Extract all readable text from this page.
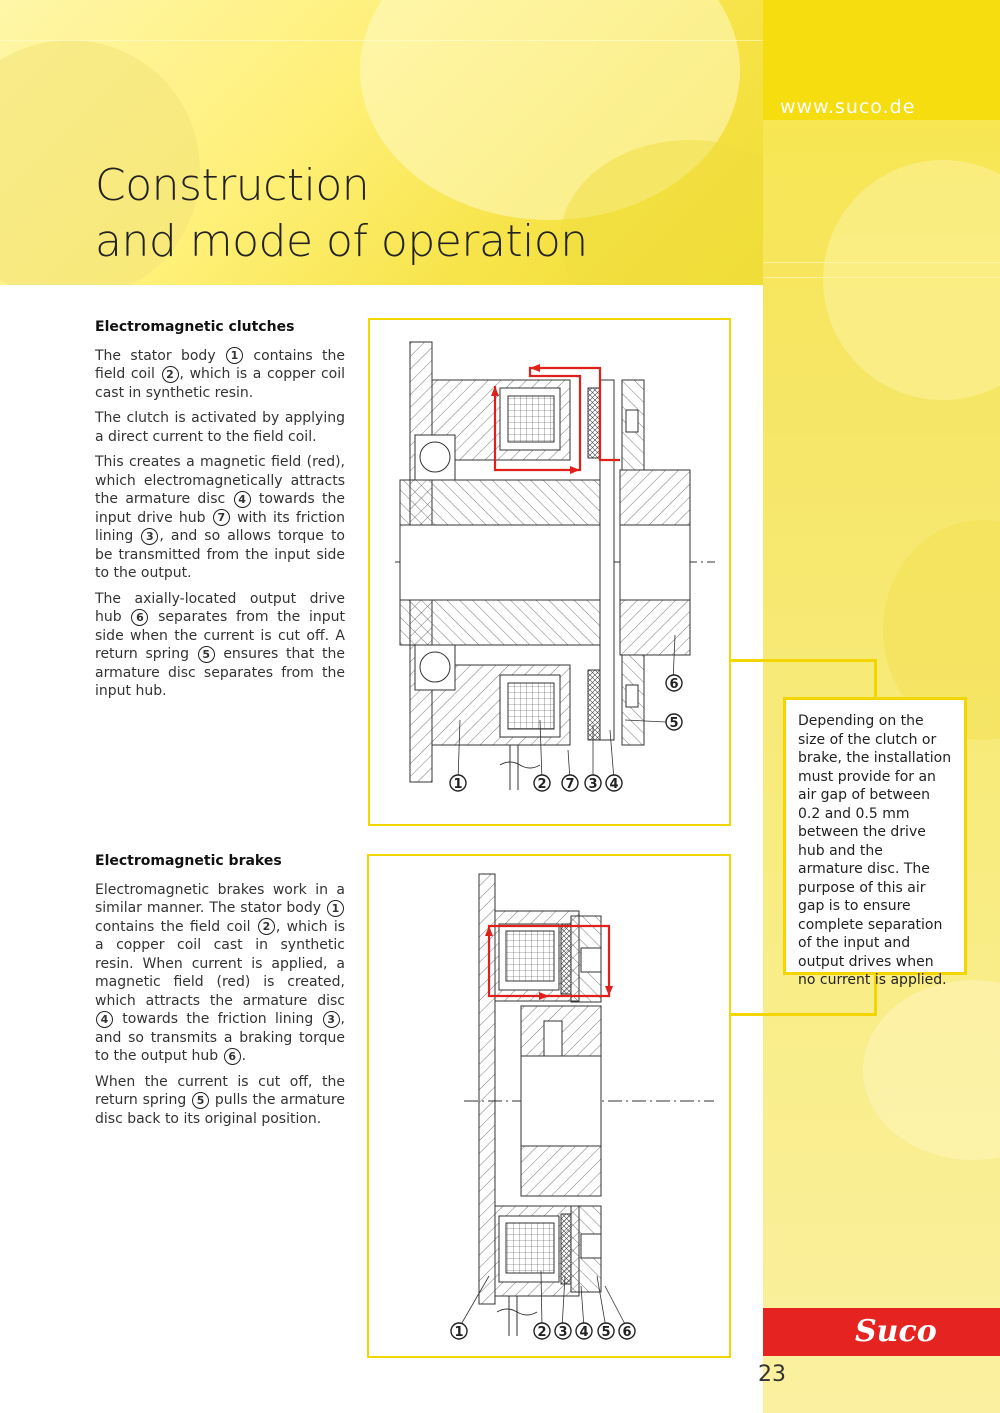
www.suco.de
Construction
and mode of operation
Electromagnetic clutches

The stator body 1 contains the field coil 2 , which is a copper coil cast in synthetic resin.

The clutch is activated by applying a direct current to the field coil.

This creates a magnetic field (red), which electromagnetically attracts the armature disc 4 towards the input drive hub 7 with its friction lining 3 , and so allows torque to be transmitted from the input side to the output.

The axially-located output drive hub 6 separates from the input side when the current is cut off. A return spring 5 ensures that the armature disc separates from the input hub.

Electromagnetic brakes

Electromagnetic brakes work in a similar manner. The stator body 1 contains the field coil 2 , which is a copper coil cast in synthetic resin. When current is applied, a magnetic field (red) is created, which attracts the armature disc 4 towards the friction lining 3 , and so transmits a braking torque to the output hub 6 .

When the current is cut off, the return spring 5 pulls the armature disc back to its original position.

1	2 7 3 4
5
6
1	2 3 4 5 6
Depending on the size of the clutch or brake, the installation must provide for an air gap of between 0.2 and 0.5 mm between the drive hub and the armature disc. The purpose of this air gap is to ensure complete separation of the input and output drives when no current is applied.
Suco
23
